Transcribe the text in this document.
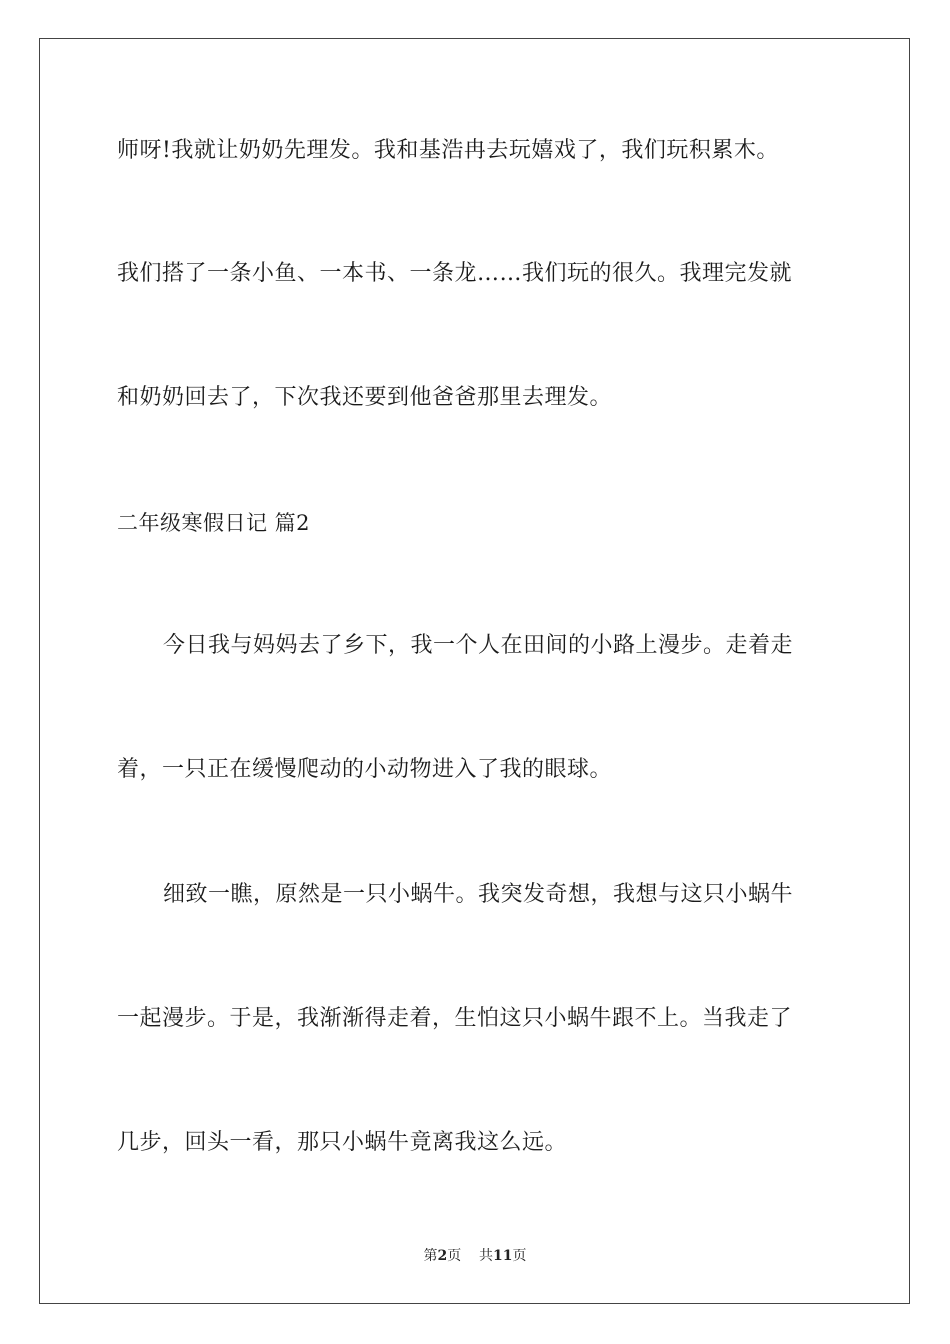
师呀!我就让奶奶先理发。我和基浩冉去玩嬉戏了，我们玩积累木。
我们搭了一条小鱼、一本书、一条龙……我们玩的很久。我理完发就
和奶奶回去了，下次我还要到他爸爸那里去理发。
二年级寒假日记 篇2
今日我与妈妈去了乡下，我一个人在田间的小路上漫步。走着走
着，一只正在缓慢爬动的小动物进入了我的眼球。
细致一瞧，原然是一只小蜗牛。我突发奇想，我想与这只小蜗牛
一起漫步。于是，我渐渐得走着，生怕这只小蜗牛跟不上。当我走了
几步，回头一看，那只小蜗牛竟离我这么远。
第2页 共11页
